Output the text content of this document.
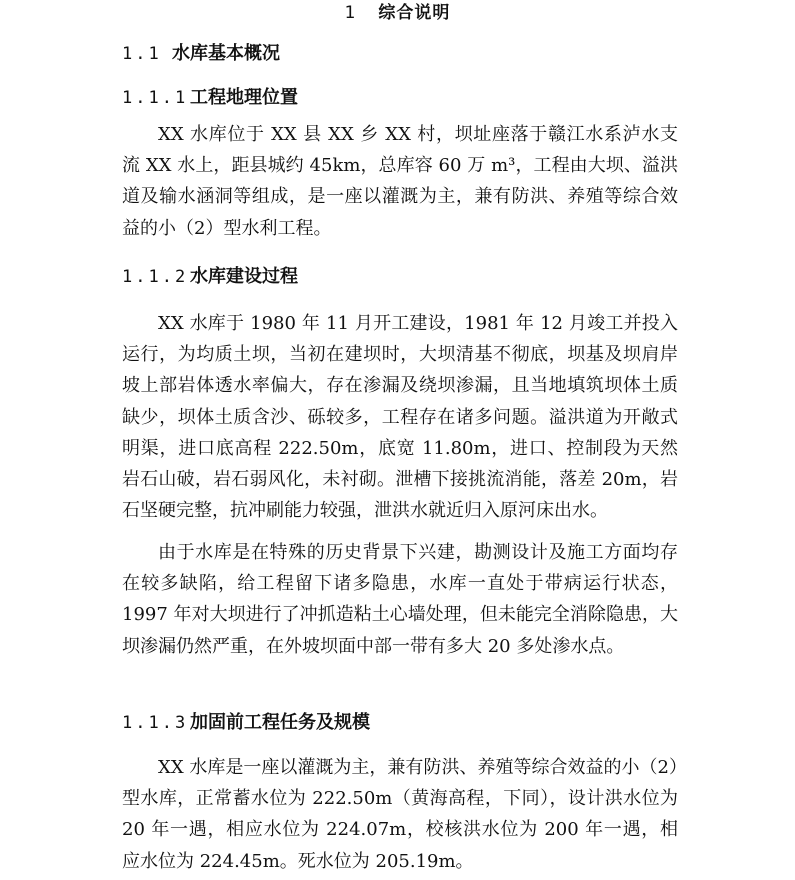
1 综合说明
1.1 水库基本概况
1.1.1 工程地理位置

XX 水库位于 XX 县 XX 乡 XX 村，坝址座落于赣江水系泸水支流 XX 水上，距县城约 45km，总库容 60 万 m³，工程由大坝、溢洪道及输水涵洞等组成，是一座以灌溉为主，兼有防洪、养殖等综合效益的小（2）型水利工程。

1.1.2 水库建设过程

XX 水库于 1980 年 11 月开工建设，1981 年 12 月竣工并投入运行，为均质土坝，当初在建坝时，大坝清基不彻底，坝基及坝肩岸坡上部岩体透水率偏大，存在渗漏及绕坝渗漏，且当地填筑坝体土质缺少，坝体土质含沙、砾较多，工程存在诸多问题。溢洪道为开敞式明渠，进口底高程 222.50m，底宽 11.80m，进口、控制段为天然岩石山破，岩石弱风化，未衬砌。泄槽下接挑流消能，落差 20m，岩石坚硬完整，抗冲刷能力较强，泄洪水就近归入原河床出水。

由于水库是在特殊的历史背景下兴建，勘测设计及施工方面均存在较多缺陷，给工程留下诸多隐患，水库一直处于带病运行状态，1997 年对大坝进行了冲抓造粘土心墙处理，但未能完全消除隐患，大坝渗漏仍然严重，在外坡坝面中部一带有多大 20 多处渗水点。

1.1.3 加固前工程任务及规模

XX 水库是一座以灌溉为主，兼有防洪、养殖等综合效益的小（2）型水库，正常蓄水位为 222.50m（黄海高程，下同），设计洪水位为 20 年一遇，相应水位为 224.07m，校核洪水位为 200 年一遇，相应水位为 224.45m。死水位为 205.19m。
